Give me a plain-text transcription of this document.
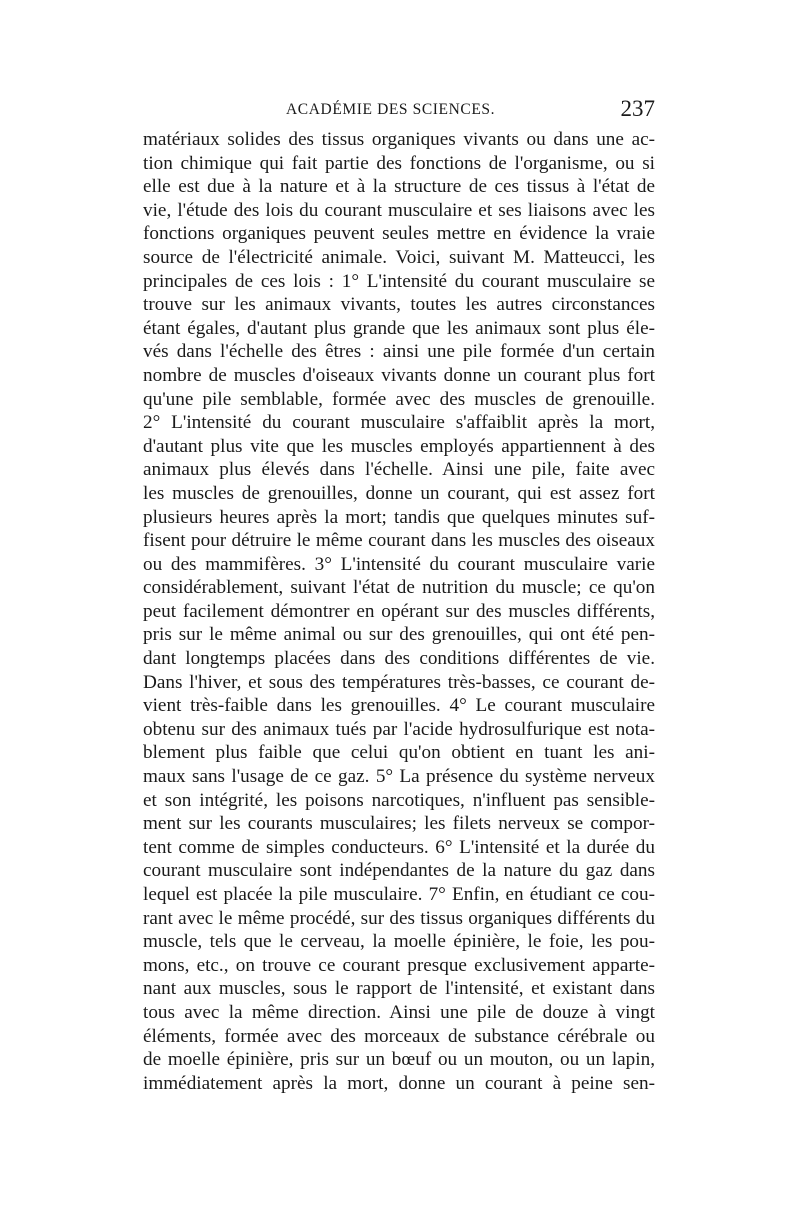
ACADÉMIE DES SCIENCES.	237
matériaux solides des tissus organiques vivants ou dans une ac-
tion chimique qui fait partie des fonctions de l'organisme, ou si
elle est due à la nature et à la structure de ces tissus à l'état de
vie, l'étude des lois du courant musculaire et ses liaisons avec les
fonctions organiques peuvent seules mettre en évidence la vraie
source de l'électricité animale. Voici, suivant M. Matteucci, les
principales de ces lois : 1° L'intensité du courant musculaire se
trouve sur les animaux vivants, toutes les autres circonstances
étant égales, d'autant plus grande que les animaux sont plus éle-
vés dans l'échelle des êtres : ainsi une pile formée d'un certain
nombre de muscles d'oiseaux vivants donne un courant plus fort
qu'une pile semblable, formée avec des muscles de grenouille.
2° L'intensité du courant musculaire s'affaiblit après la mort,
d'autant plus vite que les muscles employés appartiennent à des
animaux plus élevés dans l'échelle. Ainsi une pile, faite avec
les muscles de grenouilles, donne un courant, qui est assez fort
plusieurs heures après la mort; tandis que quelques minutes suf-
fisent pour détruire le même courant dans les muscles des oiseaux
ou des mammifères. 3° L'intensité du courant musculaire varie
considérablement, suivant l'état de nutrition du muscle; ce qu'on
peut facilement démontrer en opérant sur des muscles différents,
pris sur le même animal ou sur des grenouilles, qui ont été pen-
dant longtemps placées dans des conditions différentes de vie.
Dans l'hiver, et sous des températures très-basses, ce courant de-
vient très-faible dans les grenouilles. 4° Le courant musculaire
obtenu sur des animaux tués par l'acide hydrosulfurique est nota-
blement plus faible que celui qu'on obtient en tuant les ani-
maux sans l'usage de ce gaz. 5° La présence du système nerveux
et son intégrité, les poisons narcotiques, n'influent pas sensible-
ment sur les courants musculaires; les filets nerveux se compor-
tent comme de simples conducteurs. 6° L'intensité et la durée du
courant musculaire sont indépendantes de la nature du gaz dans
lequel est placée la pile musculaire. 7° Enfin, en étudiant ce cou-
rant avec le même procédé, sur des tissus organiques différents du
muscle, tels que le cerveau, la moelle épinière, le foie, les pou-
mons, etc., on trouve ce courant presque exclusivement apparte-
nant aux muscles, sous le rapport de l'intensité, et existant dans
tous avec la même direction. Ainsi une pile de douze à vingt
éléments, formée avec des morceaux de substance cérébrale ou
de moelle épinière, pris sur un bœuf ou un mouton, ou un lapin,
immédiatement après la mort, donne un courant à peine sen-
